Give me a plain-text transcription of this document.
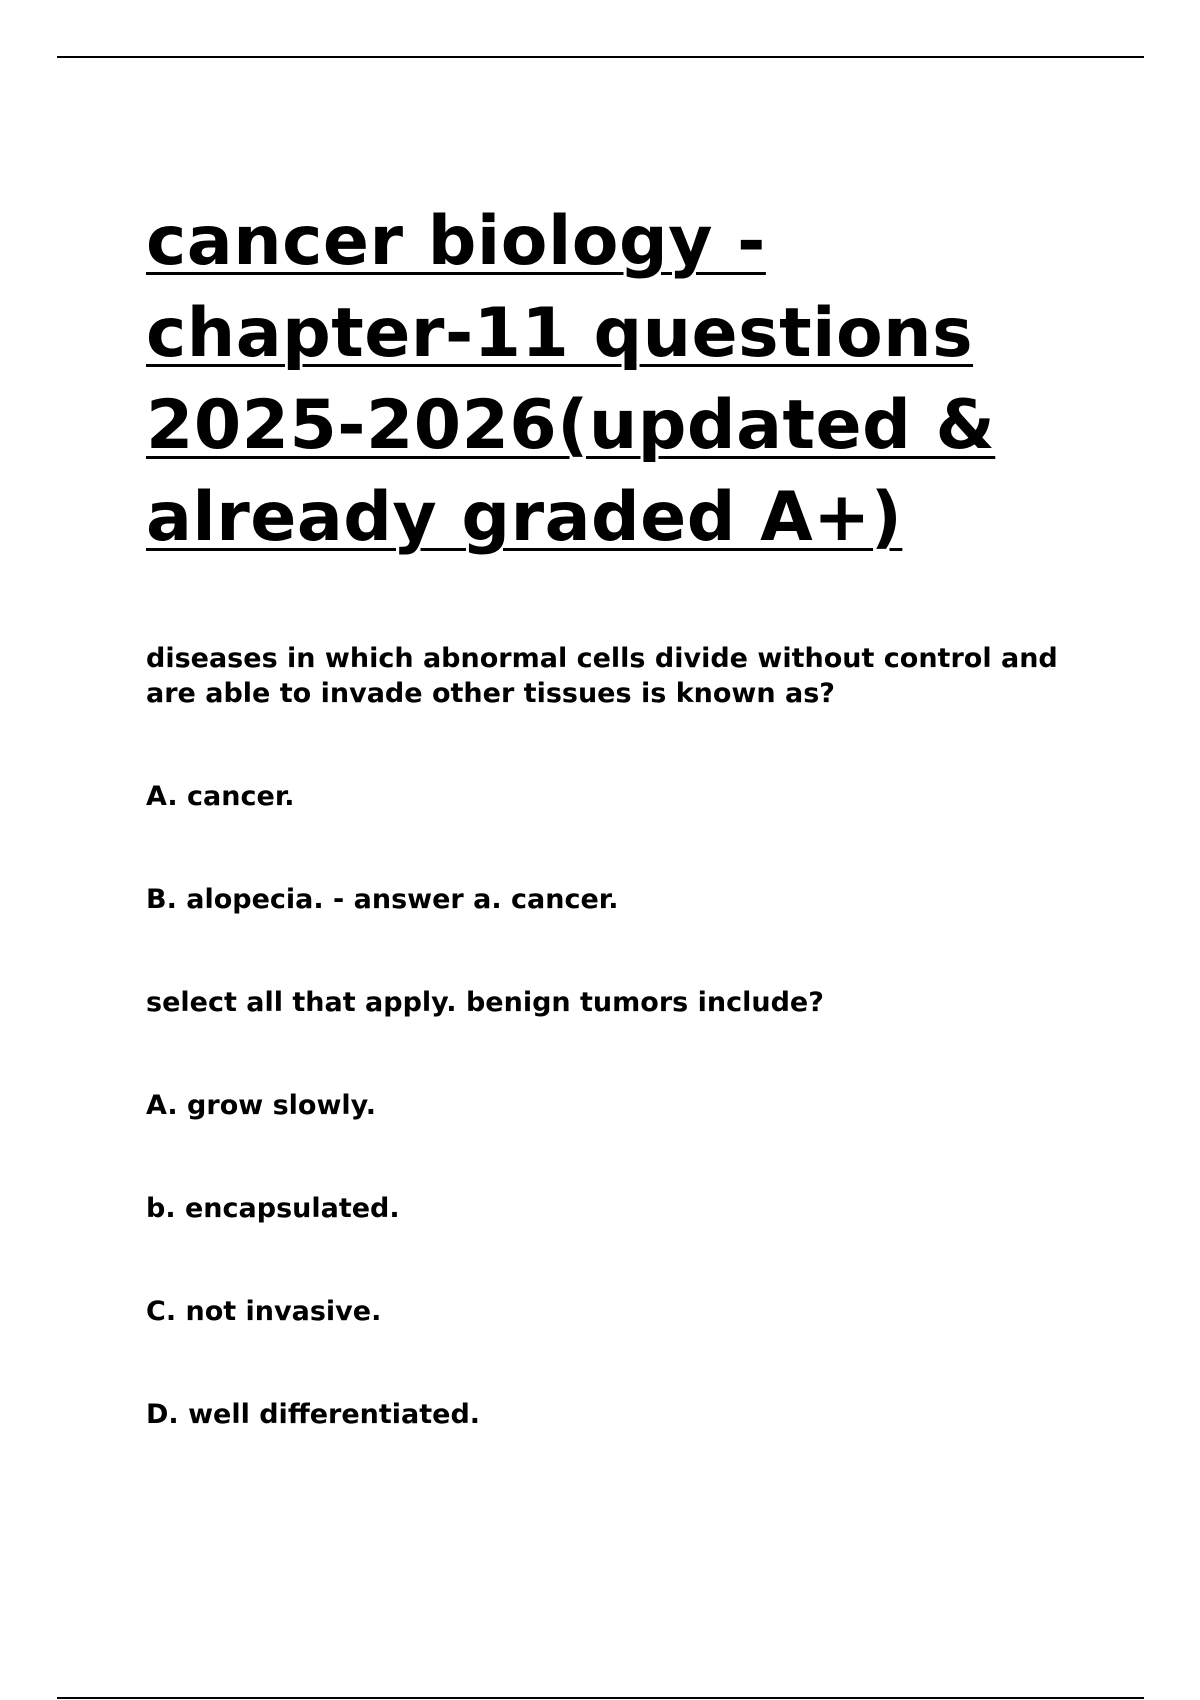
cancer biology -
chapter-11 questions
2025-2026(updated &
already graded A+)

diseases in which abnormal cells divide without control and are able to invade other tissues is known as?

A. cancer.

B. alopecia. - answer a. cancer.

select all that apply. benign tumors include?

A. grow slowly.

b. encapsulated.

C. not invasive.

D. well differentiated.
